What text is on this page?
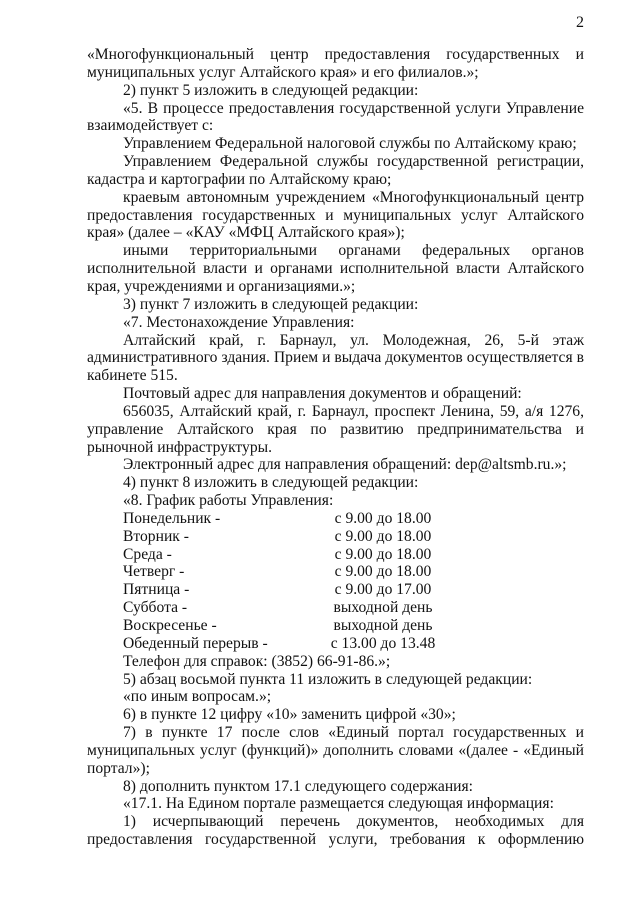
2

«Многофункциональный центр предоставления государственных и муниципальных услуг Алтайского края» и его филиалов.»;

2) пункт 5 изложить в следующей редакции:

«5. В процессе предоставления государственной услуги Управление взаимодействует с:

Управлением Федеральной налоговой службы по Алтайскому краю;

Управлением Федеральной службы государственной регистрации, кадастра и картографии по Алтайскому краю;

краевым автономным учреждением «Многофункциональный центр предоставления государственных и муниципальных услуг Алтайского края» (далее – «КАУ «МФЦ Алтайского края»);

иными территориальными органами федеральных органов исполнительной власти и органами исполнительной власти Алтайского края, учреждениями и организациями.»;

3) пункт 7 изложить в следующей редакции:

«7. Местонахождение Управления:

Алтайский край, г. Барнаул, ул. Молодежная, 26, 5-й этаж административного здания. Прием и выдача документов осуществляется в кабинете 515.

Почтовый адрес для направления документов и обращений:

656035, Алтайский край, г. Барнаул, проспект Ленина, 59, а/я 1276, управление Алтайского края по развитию предпринимательства и рыночной инфраструктуры.

Электронный адрес для направления обращений: dep@altsmb.ru.»;

4) пункт 8 изложить в следующей редакции:

«8. График работы Управления:

Понедельник -	с 9.00 до 18.00
Вторник -	с 9.00 до 18.00
Среда -	с 9.00 до 18.00
Четверг -	с 9.00 до 18.00
Пятница -	с 9.00 до 17.00
Суббота -	выходной день
Воскресенье -	выходной день
Обеденный перерыв -	с 13.00 до 13.48

Телефон для справок: (3852) 66-91-86.»;

5) абзац восьмой пункта 11 изложить в следующей редакции:

«по иным вопросам.»;

6) в пункте 12 цифру «10» заменить цифрой «30»;

7) в пункте 17 после слов «Единый портал государственных и муниципальных услуг (функций)» дополнить словами «(далее - «Единый портал»);

8) дополнить пунктом 17.1 следующего содержания:

«17.1. На Едином портале размещается следующая информация:

1) исчерпывающий перечень документов, необходимых для предоставления государственной услуги, требования к оформлению
